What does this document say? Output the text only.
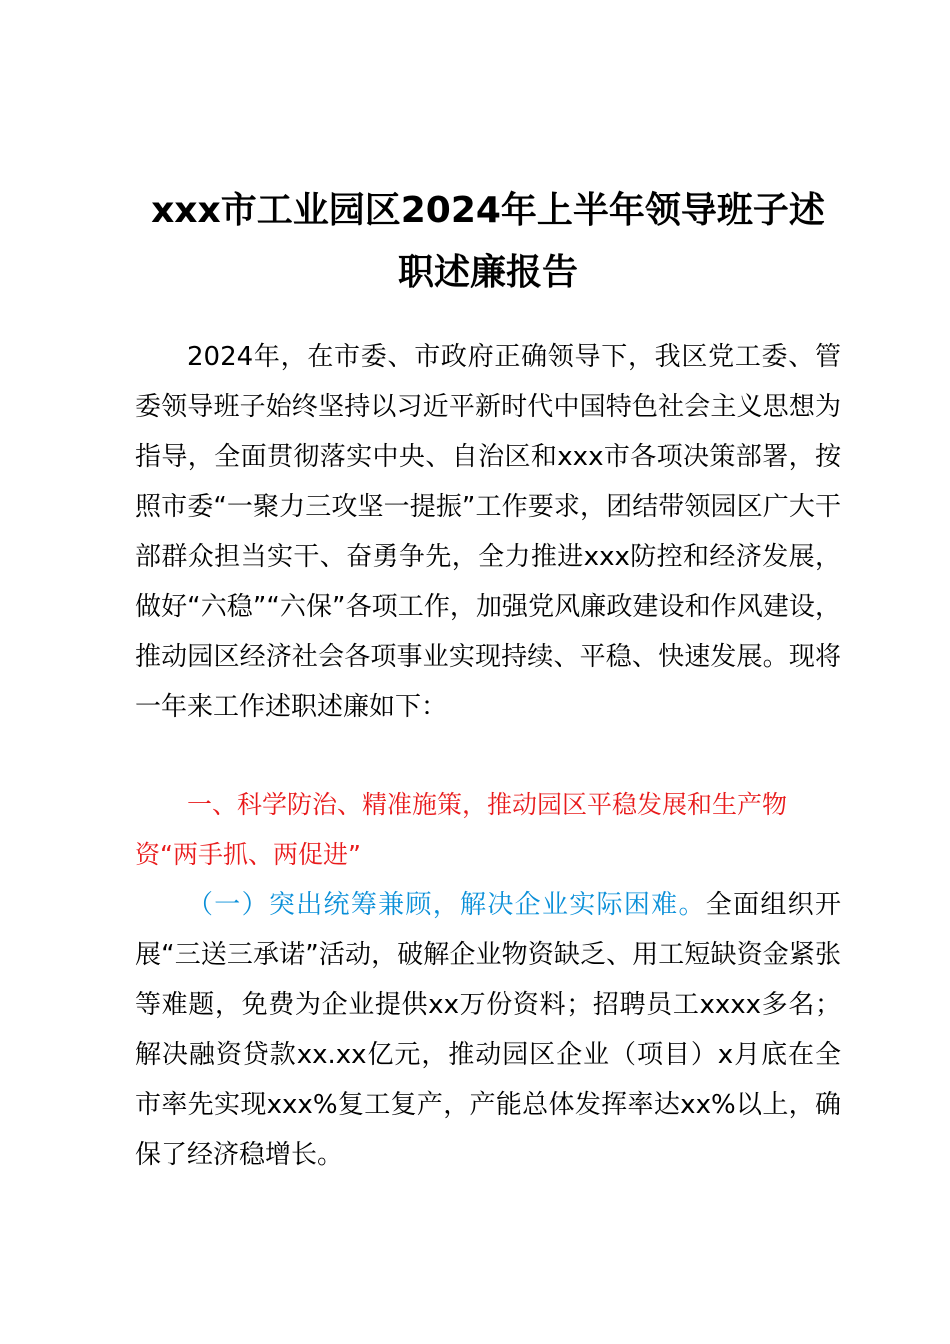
xxx市工业园区2024年上半年领导班子述职述廉报告

2024年，在市委、市政府正确领导下，我区党工委、管委领导班子始终坚持以习近平新时代中国特色社会主义思想为指导，全面贯彻落实中央、自治区和xxx市各项决策部署，按照市委“一聚力三攻坚一提振”工作要求，团结带领园区广大干部群众担当实干、奋勇争先，全力推进xxx防控和经济发展，做好“六稳”“六保”各项工作，加强党风廉政建设和作风建设，推动园区经济社会各项事业实现持续、平稳、快速发展。现将一年来工作述职述廉如下：

一、科学防治、精准施策，推动园区平稳发展和生产物资“两手抓、两促进”

（一）突出统筹兼顾，解决企业实际困难。全面组织开展“三送三承诺”活动，破解企业物资缺乏、用工短缺资金紧张等难题，免费为企业提供xx万份资料；招聘员工xxxx多名；解决融资贷款xx.xx亿元，推动园区企业（项目）x月底在全市率先实现xxx%复工复产，产能总体发挥率达xx%以上，确保了经济稳增长。
